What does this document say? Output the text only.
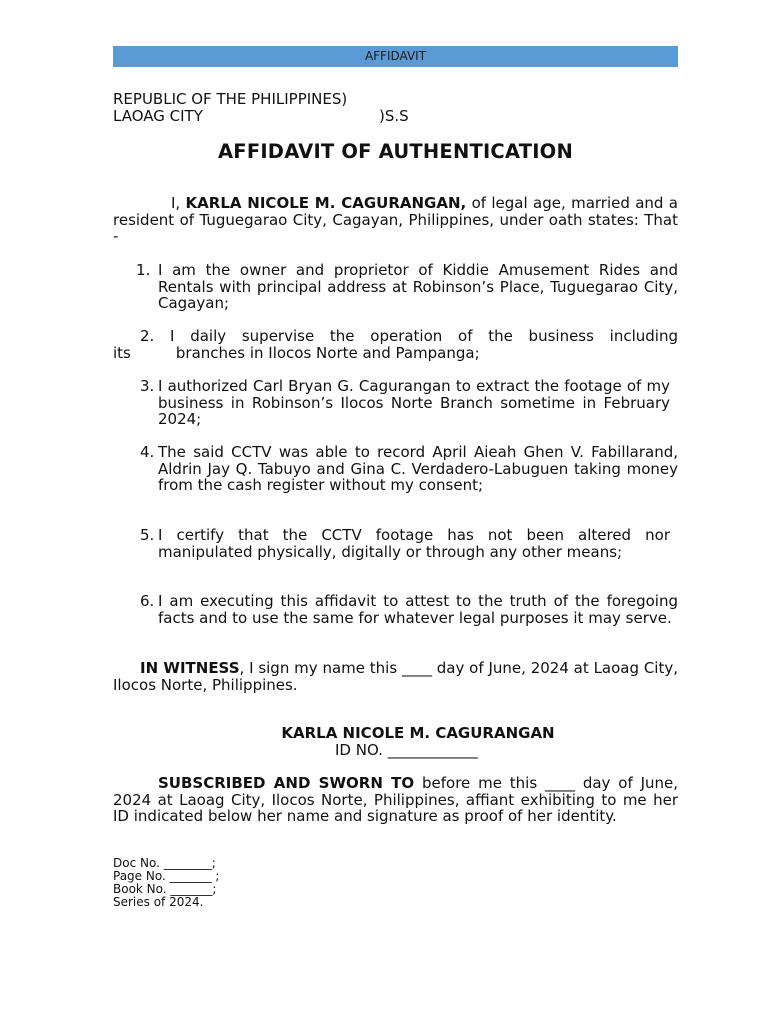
AFFIDAVIT
REPUBLIC OF THE PHILIPPINES)
LAOAG CITY	)S.S
AFFIDAVIT OF AUTHENTICATION
I, KARLA NICOLE M. CAGURANGAN, of legal age, married and a resident of Tuguegarao City, Cagayan, Philippines, under oath states: That -
1. I am the owner and proprietor of Kiddie Amusement Rides and Rentals with principal address at Robinson’s Place, Tuguegarao City, Cagayan;
2. I daily supervise the operation of the business including
its	branches in Ilocos Norte and Pampanga;
3. I authorized Carl Bryan G. Cagurangan to extract the footage of my business in Robinson’s Ilocos Norte Branch sometime in February 2024;
4. The said CCTV was able to record April Aieah Ghen V. Fabillarand, Aldrin Jay Q. Tabuyo and Gina C. Verdadero-Labuguen taking money from the cash register without my consent;
5. I certify that the CCTV footage has not been altered nor manipulated physically, digitally or through any other means;
6. I am executing this affidavit to attest to the truth of the foregoing facts and to use the same for whatever legal purposes it may serve.
IN WITNESS, I sign my name this ____ day of June, 2024 at Laoag City, Ilocos Norte, Philippines.
KARLA NICOLE M. CAGURANGAN
ID NO. ____________
SUBSCRIBED AND SWORN TO before me this ____ day of June, 2024 at Laoag City, Ilocos Norte, Philippines, affiant exhibiting to me her ID indicated below her name and signature as proof of her identity.
Doc No. ________;
Page No. _______ ;
Book No. _______;
Series of 2024.
